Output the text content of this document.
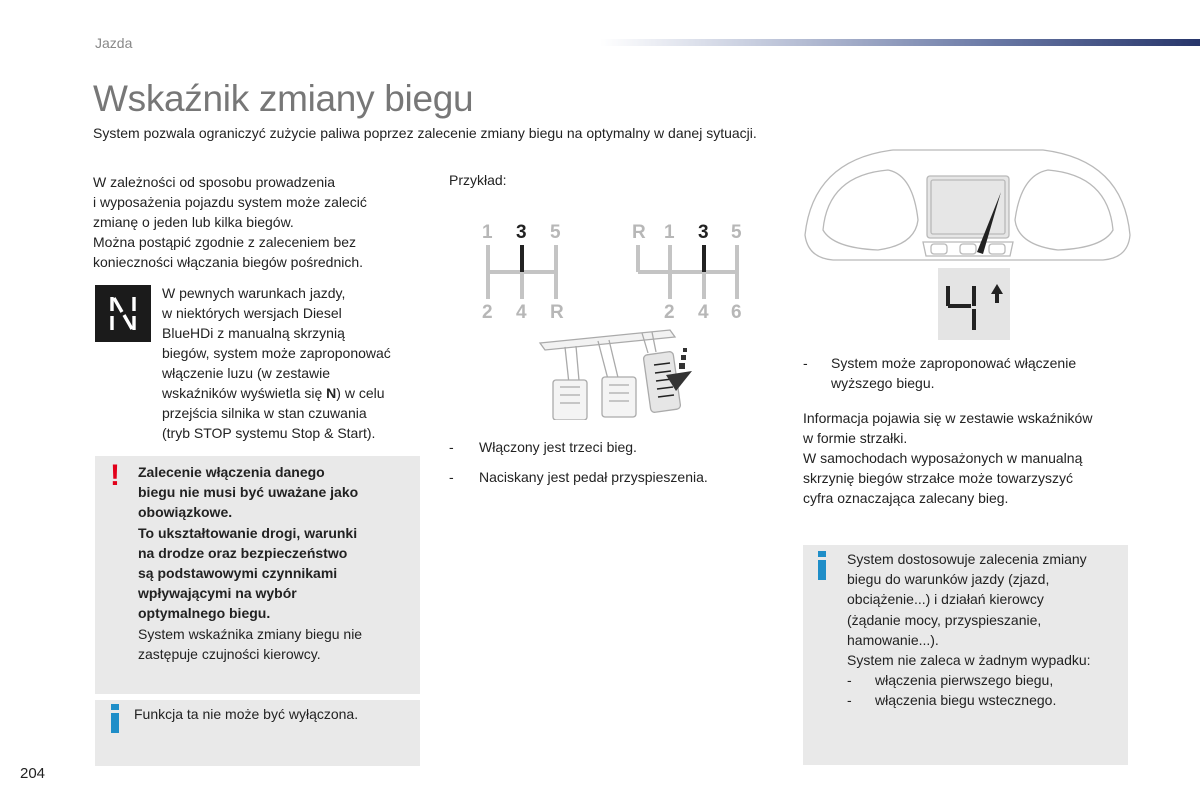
Jazda
Wskaźnik zmiany biegu
System pozwala ograniczyć zużycie paliwa poprzez zalecenie zmiany biegu na optymalny w danej sytuacji.
W zależności od sposobu prowadzenia
i wyposażenia pojazdu system może zalecić
zmianę o jeden lub kilka biegów.
Można postąpić zgodnie z zaleceniem bez
konieczności włączania biegów pośrednich.
W pewnych warunkach jazdy,
w niektórych wersjach Diesel
BlueHDi z manualną skrzynią
biegów, system może zaproponować
włączenie luzu (w zestawie
wskaźników wyświetla się N) w celu
przejścia silnika w stan czuwania
(tryb STOP systemu Stop & Start).
! Zalecenie włączenia danego
biegu nie musi być uważane jako
obowiązkowe.
To ukształtowanie drogi, warunki
na drodze oraz bezpieczeństwo
są podstawowymi czynnikami
wpływającymi na wybór
optymalnego biegu.
System wskaźnika zmiany biegu nie
zastępuje czujności kierowcy.
Funkcja ta nie może być wyłączona.
Przykład:
1 3 5
2 4 R
R 1 3 5
2 4 6
- Włączony jest trzeci bieg.
- Naciskany jest pedał przyspieszenia.
- System może zaproponować włączenie
wyższego biegu.
Informacja pojawia się w zestawie wskaźników
w formie strzałki.
W samochodach wyposażonych w manualną
skrzynię biegów strzałce może towarzyszyć
cyfra oznaczająca zalecany bieg.
System dostosowuje zalecenia zmiany
biegu do warunków jazdy (zjazd,
obciążenie...) i działań kierowcy
(żądanie mocy, przyspieszanie,
hamowanie...).
System nie zaleca w żadnym wypadku:
- włączenia pierwszego biegu,
- włączenia biegu wstecznego.
204
